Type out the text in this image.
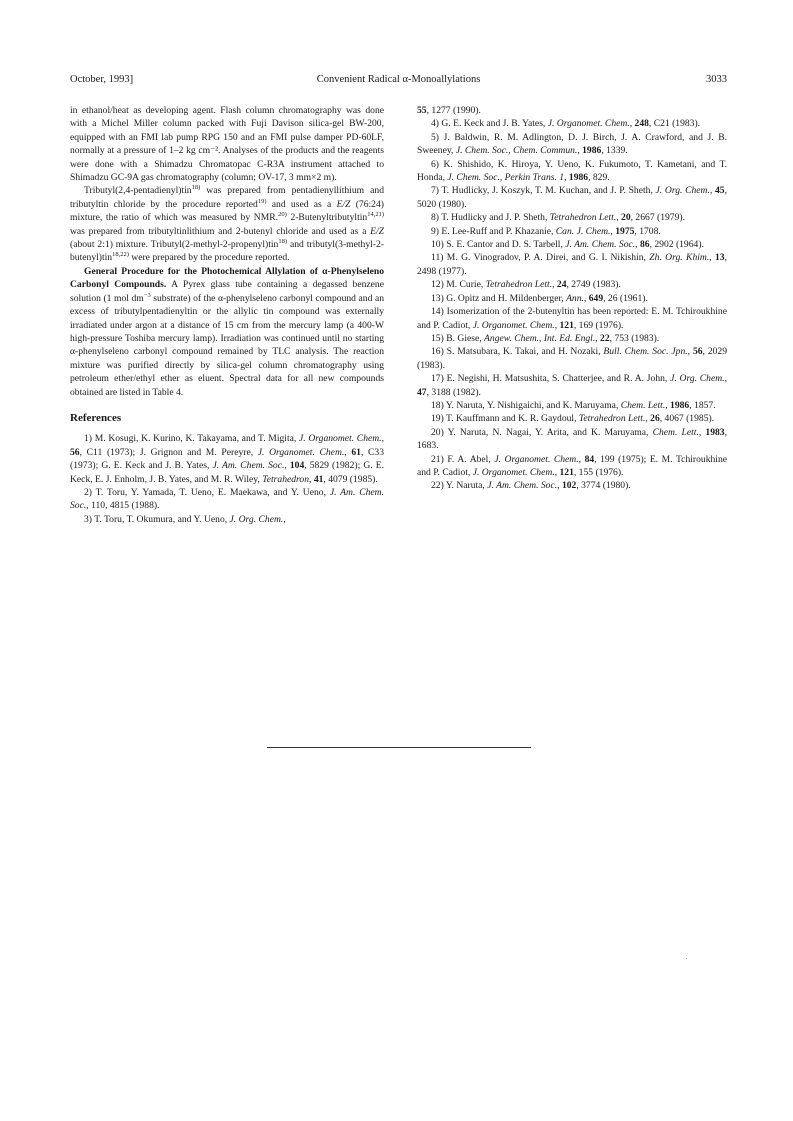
October, 1993]	Convenient Radical α-Monoallylations	3033

in ethanol/heat as developing agent. Flash column chromatography was done with a Michel Miller column packed with Fuji Davison silica-gel BW-200, equipped with an FMI lab pump RPG 150 and an FMI pulse damper PD-60LF, normally at a pressure of 1–2 kg cm⁻². Analyses of the products and the reagents were done with a Shimadzu Chromatopac C-R3A instrument attached to Shimadzu GC-9A gas chromatography (column; OV-17, 3 mm×2 m).

Tributyl(2,4-pentadienyl)tin$^{18)}$ was prepared from pentadienyllithium and tributyltin chloride by the procedure reported$^{19)}$ and used as a E/Z (76:24) mixture, the ratio of which was measured by NMR.$^{20)}$ 2-Butenyltributyltin$^{14,21)}$ was prepared from tributyltinlithium and 2-butenyl chloride and used as a E/Z (about 2:1) mixture. Tributyl(2-methyl-2-propenyl)tin$^{18)}$ and tributyl(3-methyl-2-butenyl)tin$^{18,22)}$ were prepared by the procedure reported.

General Procedure for the Photochemical Allylation of α-Phenylseleno Carbonyl Compounds. A Pyrex glass tube containing a degassed benzene solution (1 mol $dm^{-3}$ substrate) of the α-phenylseleno carbonyl compound and an excess of tributylpentadienyltin or the allylic tin compound was externally irradiated under argon at a distance of 15 cm from the mercury lamp (a 400-W high-pressure Toshiba mercury lamp). Irradiation was continued until no starting α-phenylseleno carbonyl compound remained by TLC analysis. The reaction mixture was purified directly by silica-gel column chromatography using petroleum ether/ethyl ether as eluent. Spectral data for all new compounds obtained are listed in Table 4.

References

1) M. Kosugi, K. Kurino, K. Takayama, and T. Migita, J. Organomet. Chem., 56, C11 (1973); J. Grignon and M. Pereyre, J. Organomet. Chem., 61, C33 (1973); G. E. Keck and J. B. Yates, J. Am. Chem. Soc., 104, 5829 (1982); G. E. Keck, E. J. Enholm, J. B. Yates, and M. R. Wiley, Tetrahedron, 41, 4079 (1985).

2) T. Toru, Y. Yamada, T. Ueno, E. Maekawa, and Y. Ueno, J. Am. Chem. Soc., 110, 4815 (1988).

3) T. Toru, T. Okumura, and Y. Ueno, J. Org. Chem.,

55, 1277 (1990).

4) G. E. Keck and J. B. Yates, J. Organomet. Chem., 248, C21 (1983).

5) J. Baldwin, R. M. Adlington, D. J. Birch, J. A. Crawford, and J. B. Sweeney, J. Chem. Soc., Chem. Commun., 1986, 1339.

6) K. Shishido, K. Hiroya, Y. Ueno, K. Fukumoto, T. Kametani, and T. Honda, J. Chem. Soc., Perkin Trans. 1, 1986, 829.

7) T. Hudlicky, J. Koszyk, T. M. Kuchan, and J. P. Sheth, J. Org. Chem., 45, 5020 (1980).

8) T. Hudlicky and J. P. Sheth, Tetrahedron Lett., 20, 2667 (1979).

9) E. Lee-Ruff and P. Khazanie, Can. J. Chem., 1975, 1708.

10) S. E. Cantor and D. S. Tarbell, J. Am. Chem. Soc., 86, 2902 (1964).

11) M. G. Vinogradov, P. A. Direi, and G. I. Nikishin, Zh. Org. Khim., 13, 2498 (1977).

12) M. Curie, Tetrahedron Lett., 24, 2749 (1983).

13) G. Opitz and H. Mildenberger, Ann., 649, 26 (1961).

14) Isomerization of the 2-butenyltin has been reported: E. M. Tchiroukhine and P. Cadiot, J. Organomet. Chem., 121, 169 (1976).

15) B. Giese, Angew. Chem., Int. Ed. Engl., 22, 753 (1983).

16) S. Matsubara, K. Takai, and H. Nozaki, Bull. Chem. Soc. Jpn., 56, 2029 (1983).

17) E. Negishi, H. Matsushita, S. Chatterjee, and R. A. John, J. Org. Chem., 47, 3188 (1982).

18) Y. Naruta, Y. Nishigaichi, and K. Maruyama, Chem. Lett., 1986, 1857.

19) T. Kauffmann and K. R. Gaydoul, Tetrahedron Lett., 26, 4067 (1985).

20) Y. Naruta, N. Nagai, Y. Arita, and K. Maruyama, Chem. Lett., 1983, 1683.

21) F. A. Abel, J. Organomet. Chem., 84, 199 (1975); E. M. Tchiroukhine and P. Cadiot, J. Organomet. Chem., 121, 155 (1976).

22) Y. Naruta, J. Am. Chem. Soc., 102, 3774 (1980).
